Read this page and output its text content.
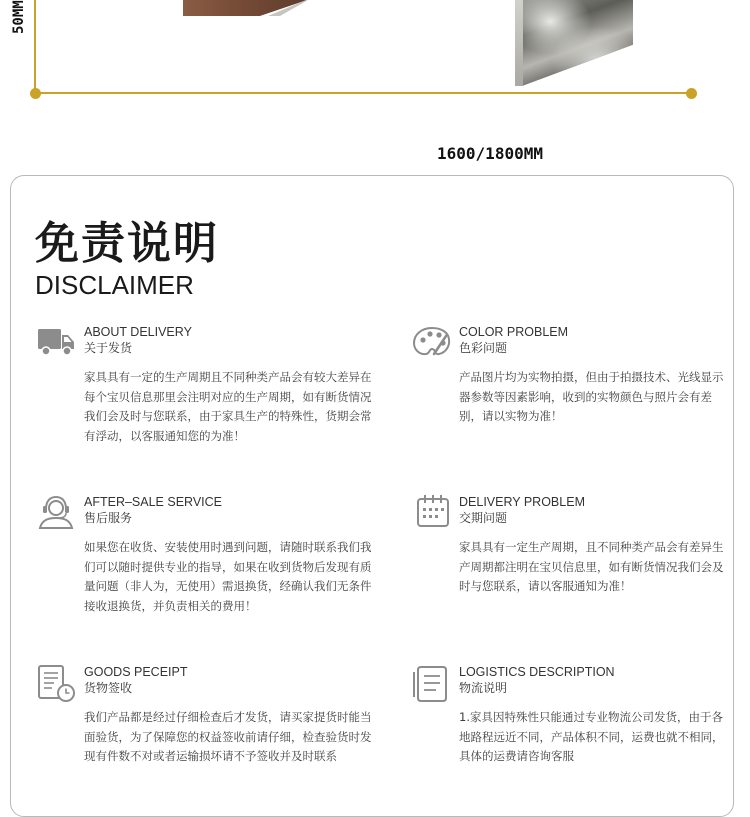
50MM
1600/1800MM
免责说明
DISCLAIMER
ABOUT DELIVERY
关于发货

家具具有一定的生产周期且不同种类产品会有较大差异在每个宝贝信息那里会注明对应的生产周期，如有断货情况我们会及时与您联系，由于家具生产的特殊性，货期会常有浮动，以客服通知您的为准！

COLOR PROBLEM
色彩问题

产品图片均为实物拍摄，但由于拍摄技术、光线显示器参数等因素影响，收到的实物颜色与照片会有差别，请以实物为准！

AFTER–SALE SERVICE
售后服务

如果您在收货、安装使用时遇到问题，请随时联系我们我们可以随时提供专业的指导，如果在收到货物后发现有质量问题（非人为，无使用）需退换货，经确认我们无条件接收退换货，并负责相关的费用！

DELIVERY PROBLEM
交期问题

家具具有一定生产周期，且不同种类产品会有差异生产周期都注明在宝贝信息里，如有断货情况我们会及时与您联系，请以客服通知为准！

GOODS PECEIPT
货物签收

我们产品都是经过仔细检查后才发货，请买家提货时能当面验货，为了保障您的权益签收前请仔细，检查验货时发现有件数不对或者运输损坏请不予签收并及时联系

LOGISTICS DESCRIPTION
物流说明

1.家具因特殊性只能通过专业物流公司发货，由于各地路程远近不同，产品体积不同，运费也就不相同，具体的运费请咨询客服
